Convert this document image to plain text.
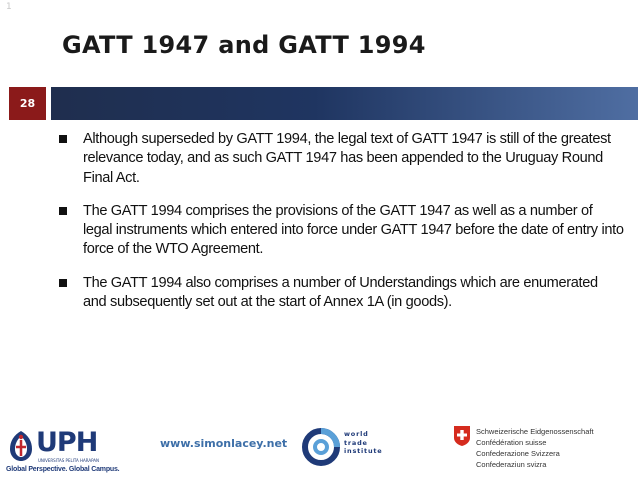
1
GATT 1947 and GATT 1994
28
Although superseded by GATT 1994, the legal text of GATT 1947 is still of the greatest relevance today, and as such GATT 1947 has been appended to the Uruguay Round Final Act.
The GATT 1994 comprises the provisions of the GATT 1947 as well as a number of legal instruments which entered into force under GATT 1947 before the date of entry into force of the WTO Agreement.
The GATT 1994 also comprises a number of Understandings which are enumerated and subsequently set out at the start of Annex 1A (in goods).
UPH
UNIVERSITAS PELITA HARAPAN
Global Perspective. Global Campus.
www.simonlacey.net
world
trade
institute
Schweizerische Eidgenossenschaft
Confédération suisse
Confederazione Svizzera
Confederaziun svizra
